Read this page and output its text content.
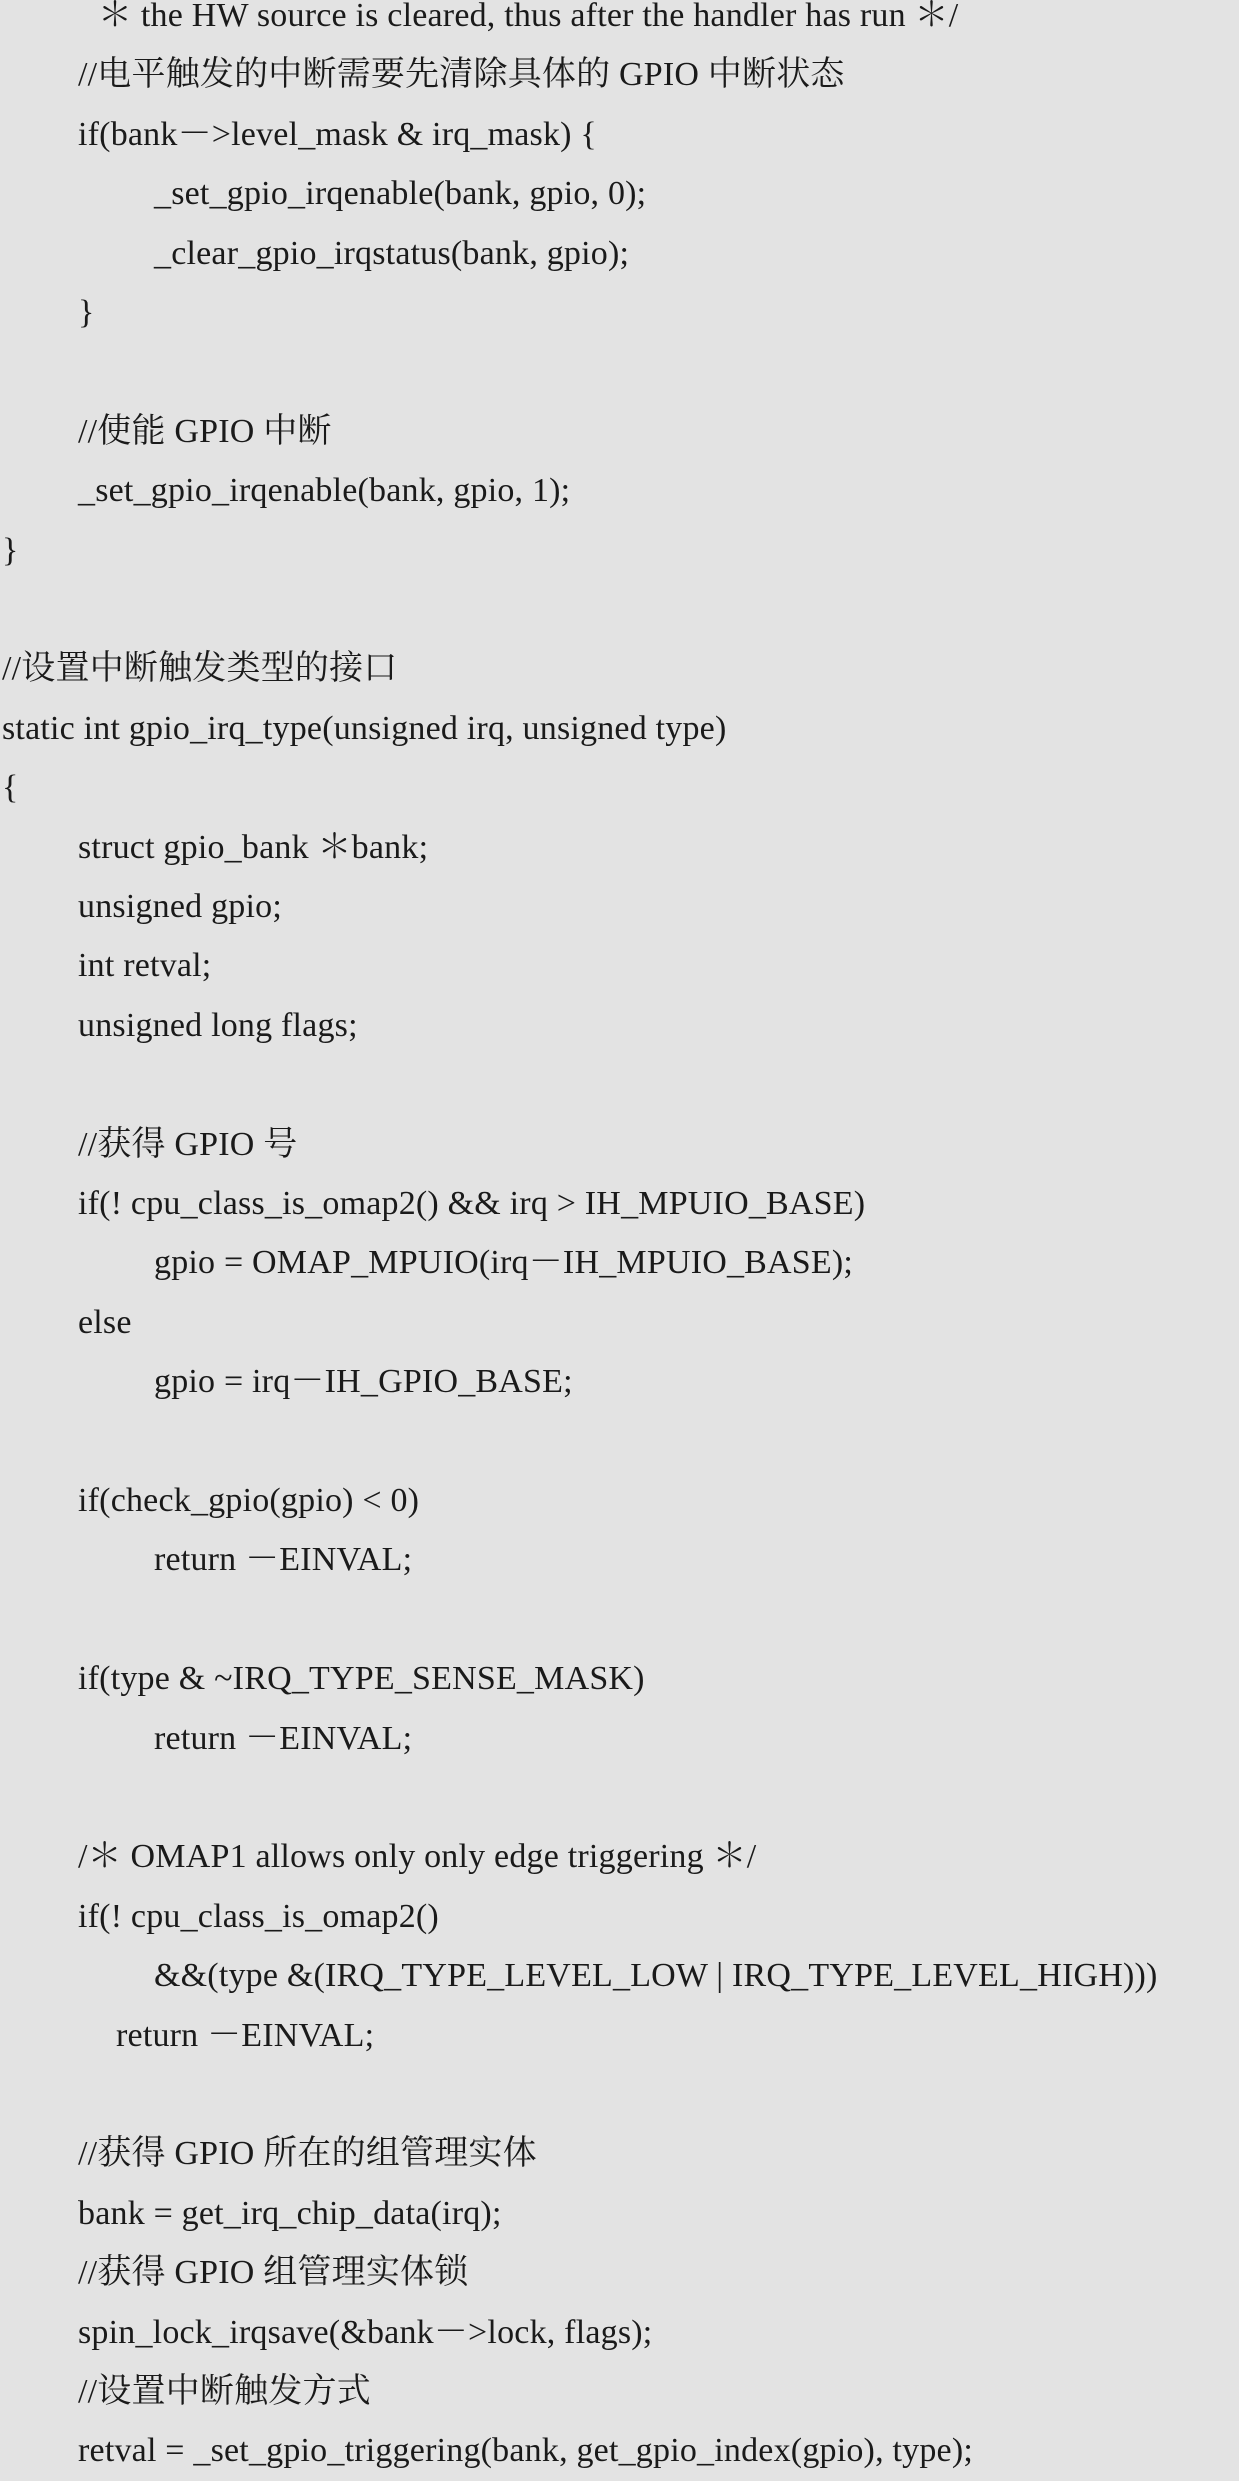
＊ the HW source is cleared, thus after the handler has run ＊/
//电平触发的中断需要先清除具体的 GPIO 中断状态
if(bank－>level_mask & irq_mask) {
_set_gpio_irqenable(bank, gpio, 0);
_clear_gpio_irqstatus(bank, gpio);
}
//使能 GPIO 中断
_set_gpio_irqenable(bank, gpio, 1);
}
//设置中断触发类型的接口
static int gpio_irq_type(unsigned irq, unsigned type)
{
struct gpio_bank ＊bank;
unsigned gpio;
int retval;
unsigned long flags;
//获得 GPIO 号
if(! cpu_class_is_omap2() && irq > IH_MPUIO_BASE)
gpio = OMAP_MPUIO(irq－IH_MPUIO_BASE);
else
gpio = irq－IH_GPIO_BASE;
if(check_gpio(gpio) < 0)
return －EINVAL;
if(type & ~IRQ_TYPE_SENSE_MASK)
return －EINVAL;
/＊ OMAP1 allows only only edge triggering ＊/
if(! cpu_class_is_omap2()
&&(type &(IRQ_TYPE_LEVEL_LOW | IRQ_TYPE_LEVEL_HIGH)))
return －EINVAL;
//获得 GPIO 所在的组管理实体
bank = get_irq_chip_data(irq);
//获得 GPIO 组管理实体锁
spin_lock_irqsave(&bank－>lock, flags);
//设置中断触发方式
retval = _set_gpio_triggering(bank, get_gpio_index(gpio), type);
